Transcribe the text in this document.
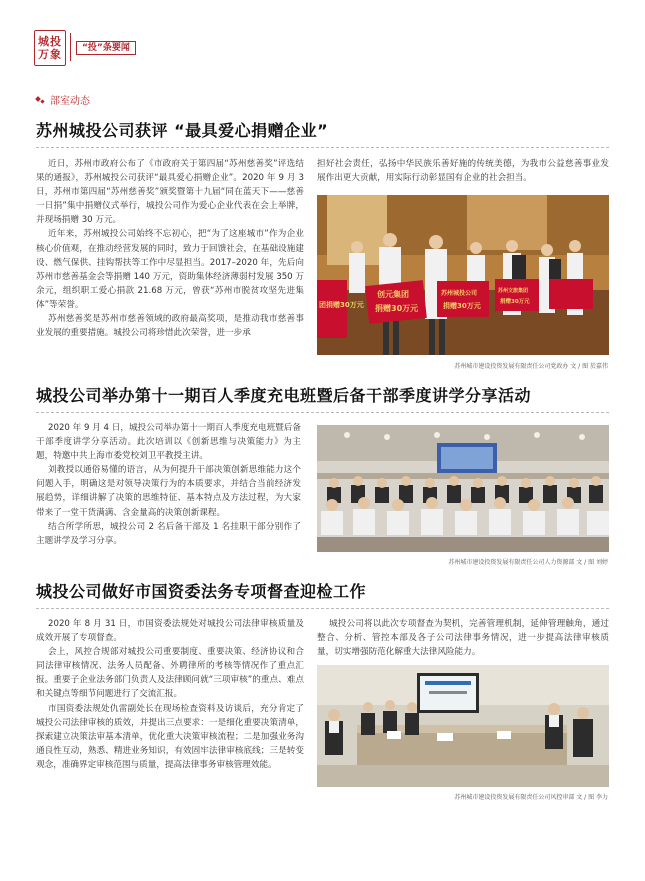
城投
万象	“投”条要闻
部室动态
苏州城投公司获评 “最具爱心捐赠企业”

近日，苏州市政府公布了《市政府关于第四届“苏州慈善奖”评选结果的通报》，苏州城投公司获评“最具爱心捐赠企业”。2020 年 9 月 3 日，苏州市第四届“苏州慈善奖”颁奖暨第十九届“同在蓝天下——慈善一日捐”集中捐赠仪式举行，城投公司作为爱心企业代表在会上举牌，并现场捐赠 30 万元。

近年来，苏州城投公司始终不忘初心，把“为了这座城市”作为企业核心价值观，在推动经营发展的同时，致力于回馈社会，在基础设施建设、燃气保供、挂钩帮扶等工作中尽显担当。2017–2020 年，先后向苏州市慈善基金会等捐赠 140 万元，资助集体经济薄弱村发展 350 万余元，组织职工爱心捐款 21.68 万元，曾获“苏州市脱贫攻坚先进集体”等荣誉。

苏州慈善奖是苏州市慈善领域的政府最高奖项，是推动我市慈善事业发展的重要措施。城投公司将珍惜此次荣誉，进一步承

担好社会责任，弘扬中华民族乐善好施的传统美德，为我市公益慈善事业发展作出更大贡献，用实际行动彰显国有企业的社会担当。

团捐赠30万元
创元集团
捐赠30万元
苏州城投公司
捐赠30万元
苏州文旅集团
捐赠30万元
苏州城市建设投资发展有限责任公司党政办 文 / 图 於嘉伟
城投公司举办第十一期百人季度充电班暨后备干部季度讲学分享活动

2020 年 9 月 4 日，城投公司举办第十一期百人季度充电班暨后备干部季度讲学分享活动。此次培训以《创新思维与决策能力》为主题，特邀中共上海市委党校刘卫平教授主讲。

刘教授以通俗易懂的语言，从为何提升干部决策创新思维能力这个问题入手，明确这是对领导决策行为的本质要求，并结合当前经济发展趋势，详细讲解了决策的思维特征、基本特点及方法过程，为大家带来了一堂干货满满、含金量高的决策创新课程。

结合所学所思，城投公司 2 名后备干部及 1 名挂职干部分别作了主题讲学及学习分享。

苏州城市建设投资发展有限责任公司人力资源部 文 / 图 刘婷
城投公司做好市国资委法务专项督查迎检工作

2020 年 8 月 31 日，市国资委法规处对城投公司法律审核质量及成效开展了专项督查。

会上，风控合规部对城投公司重要制度、重要决策、经济协议和合同法律审核情况、法务人员配备、外聘律所的考核等情况作了重点汇报。重要子企业法务部门负责人及法律顾问就“三项审核”的重点、难点和关键点等细节问题进行了交流汇报。

市国资委法规处仇雷副处长在现场检查资料及访谈后，充分肯定了城投公司法律审核的质效，并提出三点要求：一是细化重要决策清单，探索建立决策法审基本清单，优化重大决策审核流程；二是加强业务沟通良性互动，熟悉、精进业务知识，有效固牢法律审核底线；三是转变观念，准确界定审核范围与质量，提高法律事务审核管理效能。

城投公司将以此次专项督查为契机，完善管理机制，延伸管理触角，通过整合、分析、管控本部及各子公司法律事务情况，进一步提高法律审核质量，切实增强防范化解重大法律风险能力。

苏州城市建设投资发展有限责任公司风控审部 文 / 图 李力
